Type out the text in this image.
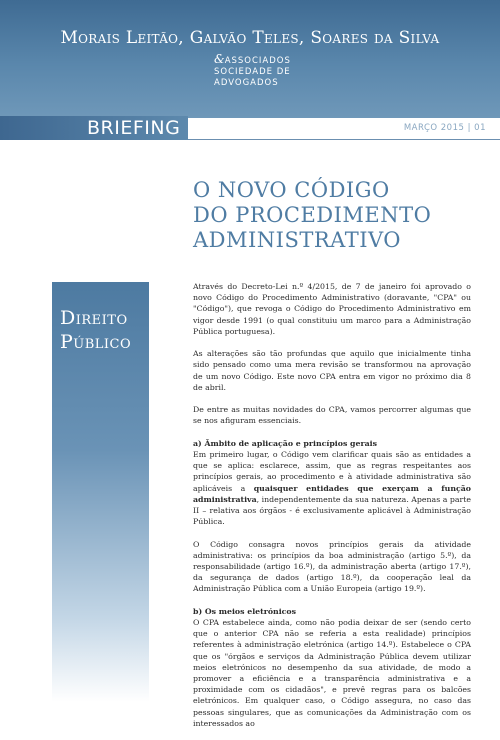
Morais Leitão, Galvão Teles, Soares da Silva
&ASSOCIADOS
SOCIEDADE DE
ADVOGADOS
BRIEFING	MARÇO 2015 | 01
O NOVO CÓDIGO
DO PROCEDIMENTO
ADMINISTRATIVO
Direito
Público

Através do Decreto-Lei n.º 4/2015, de 7 de janeiro foi aprovado o novo Código do Procedimento Administrativo (doravante, "CPA" ou "Código"), que revoga o Código do Procedimento Administrativo em vigor desde 1991 (o qual constituiu um marco para a Administração Pública portuguesa).

As alterações são tão profundas que aquilo que inicialmente tinha sido pensado como uma mera revisão se transformou na aprovação de um novo Código. Este novo CPA entra em vigor no próximo dia 8 de abril.

De entre as muitas novidades do CPA, vamos percorrer algumas que se nos afiguram essenciais.

a) Âmbito de aplicação e princípios gerais

Em primeiro lugar, o Código vem clarificar quais são as entidades a que se aplica: esclarece, assim, que as regras respeitantes aos princípios gerais, ao procedimento e à atividade administrativa são aplicáveis a quaisquer entidades que exerçam a função administrativa, independentemente da sua natureza. Apenas a parte II – relativa aos órgãos - é exclusivamente aplicável à Administração Pública.

O Código consagra novos princípios gerais da atividade administrativa: os princípios da boa administração (artigo 5.º), da responsabilidade (artigo 16.º), da administração aberta (artigo 17.º), da segurança de dados (artigo 18.º), da cooperação leal da Administração Pública com a União Europeia (artigo 19.º).

b) Os meios eletrónicos

O CPA estabelece ainda, como não podia deixar de ser (sendo certo que o anterior CPA não se referia a esta realidade) princípios referentes à administração eletrónica (artigo 14.º). Estabelece o CPA que os "órgãos e serviços da Administração Pública devem utilizar meios eletrónicos no desempenho da sua atividade, de modo a promover a eficiência e a transparência administrativa e a proximidade com os cidadãos", e prevê regras para os balcões eletrónicos. Em qualquer caso, o Código assegura, no caso das pessoas singulares, que as comunicações da Administração com os interessados ao
